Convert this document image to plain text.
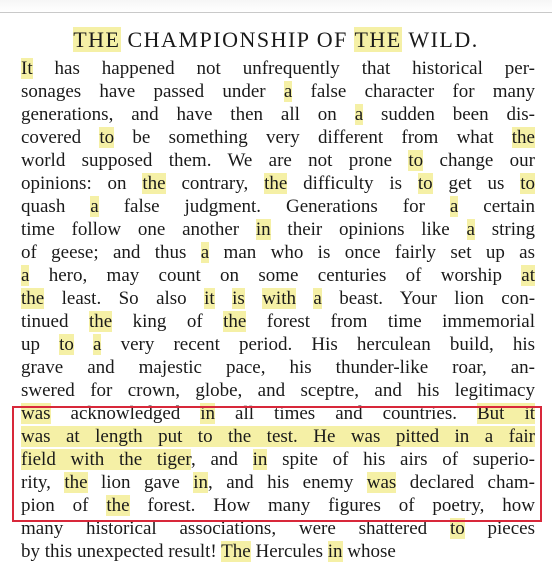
THE CHAMPIONSHIP OF THE WILD.
It has happened not unfrequently that historical per-
sonages have passed under a false character for many
generations, and have then all on a sudden been dis-
covered to be something very different from what the
world supposed them. We are not prone to change our
opinions: on the contrary, the difficulty is to get us to
quash a false judgment. Generations for a certain
time follow one another in their opinions like a string
of geese; and thus a man who is once fairly set up as
a hero, may count on some centuries of worship at
the least. So also it is with a beast. Your lion con-
tinued the king of the forest from time immemorial
up to a very recent period. His herculean build, his
grave and majestic pace, his thunder-like roar, an-
swered for crown, globe, and sceptre, and his legitimacy
was acknowledged in all times and countries. But it
was at length put to the test. He was pitted in a fair
field with the tiger, and in spite of his airs of superio-
rity, the lion gave in, and his enemy was declared cham-
pion of the forest. How many figures of poetry, how
many historical associations, were shattered to pieces
by this unexpected result! The Hercules in whose
